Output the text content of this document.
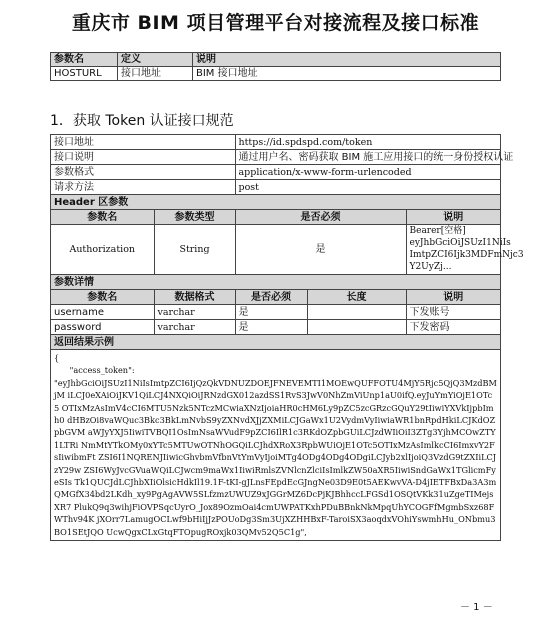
重庆市 BIM 项目管理平台对接流程及接口标准
参数名	定义	说明
HOSTURL	接口地址	BIM 接口地址
1．获取 Token 认证接口规范
接口地址		https://id.spdspd.com/token		
接口说明		通过用户名、密码获取 BIM 施工应用接口的统一身份授权认证		
参数格式		application/x-www-form-urlencoded		
请求方法		post		
Header 区参数				
参数名	参数类型	是否必须		说明
Authorization	String	是		Bearer[空格]
eyJhbGciOiJSUzI1NiIs
ImtpZCI6Ijk3MDFmNjc3
Y2UyZj...
参数详情				
参数名	数据格式	是否必须	长度	说明
username	varchar	是		下发账号
password	varchar	是		下发密码
返回结果示例				
{
"access_token":
"eyJhbGciOiJSUzI1NiIsImtpZCI6IjQzQkVDNUZDOEJFNEVEMTI1MOEwQUFFOTU4MjY5Rjc5QjQ3MzdBMjM iLCJ0eXAiOiJKV1QiLCJ4NXQiOiJRNzdGX012azdSS1RvS3JwV0NhZmViUnp1aU0ifQ.eyJuYmYiOjE1OTc5 OTIxMzAsImV4cCI6MTU5Nzk5NTczMCwiaXNzIjoiaHR0cHM6Ly9pZC5zcGRzcGQuY29tIiwiYXVkIjpbImh0 dHBzOi8vaWQuc3Bkc3BkLmNvbS9yZXNvdXJjZXMiLCJGaWx1U2VydmVyIiwiaWR1bnRpdHkiLCJKdOZpbGVM aWJyYXJ5IiwiTVBQI1OsImNsaWVudF9pZCI6IlR1c3RKdOZpbGUiLCJzdWIiOiI3ZTg3YjhMCOwZTY1LTRi NmMtYTkOMy0xYTc5MTUwOTNhOGQiLCJhdXRoX3RpbWUiOjE1OTc5OTIxMzAsImlkcCI6ImxvY2FsIiwibmFt ZSI6I1NQRENJIiwicGhvbmVfbnVtYmVyIjoiMTg4ODg4ODg4ODgiLCJyb2xlIjoiQ3VzdG9tZXIiLCJzY29w ZSI6WyJvcGVuaWQiLCJwcm9maWx1IiwiRmlsZVNlcnZlciIsImlkZW50aXR5IiwiSndGaWx1TGlicmFyeSIs Tk1QUCJdLCJhbXIiOlsicHdkIl19.1F-tKI-gJLnsFEpdEcGJngNe03D9E0t5AEKwvVA-D4jIETFBxDa3A3m QMGfX34bd2LKdh_xy9PgAgAVW5SLfzmzUWUZ9xJGGrMZ6DcPjKJBhhccLFGSd1OSQtVKk31uZgeTIMejsXR7 PlukQ9q3wihjFiOVPSqcUyrO_Jox89OzmOai4cmUWPATKxhPDuBBnkNkMpqUhYCOGFfMgmbSxz68FWThv94K jXOrr7LamugOCLwf9bHiIjJzPOUoDg3Sm3UjXZHHBxF-TaroiSX3aoqdxVOhiYswmhHu_ONbmu3BO1SEtJQO UcwQgxCLxGtqFTOpugROxjk03QMv52Q5C1g",				
－ 1 －
